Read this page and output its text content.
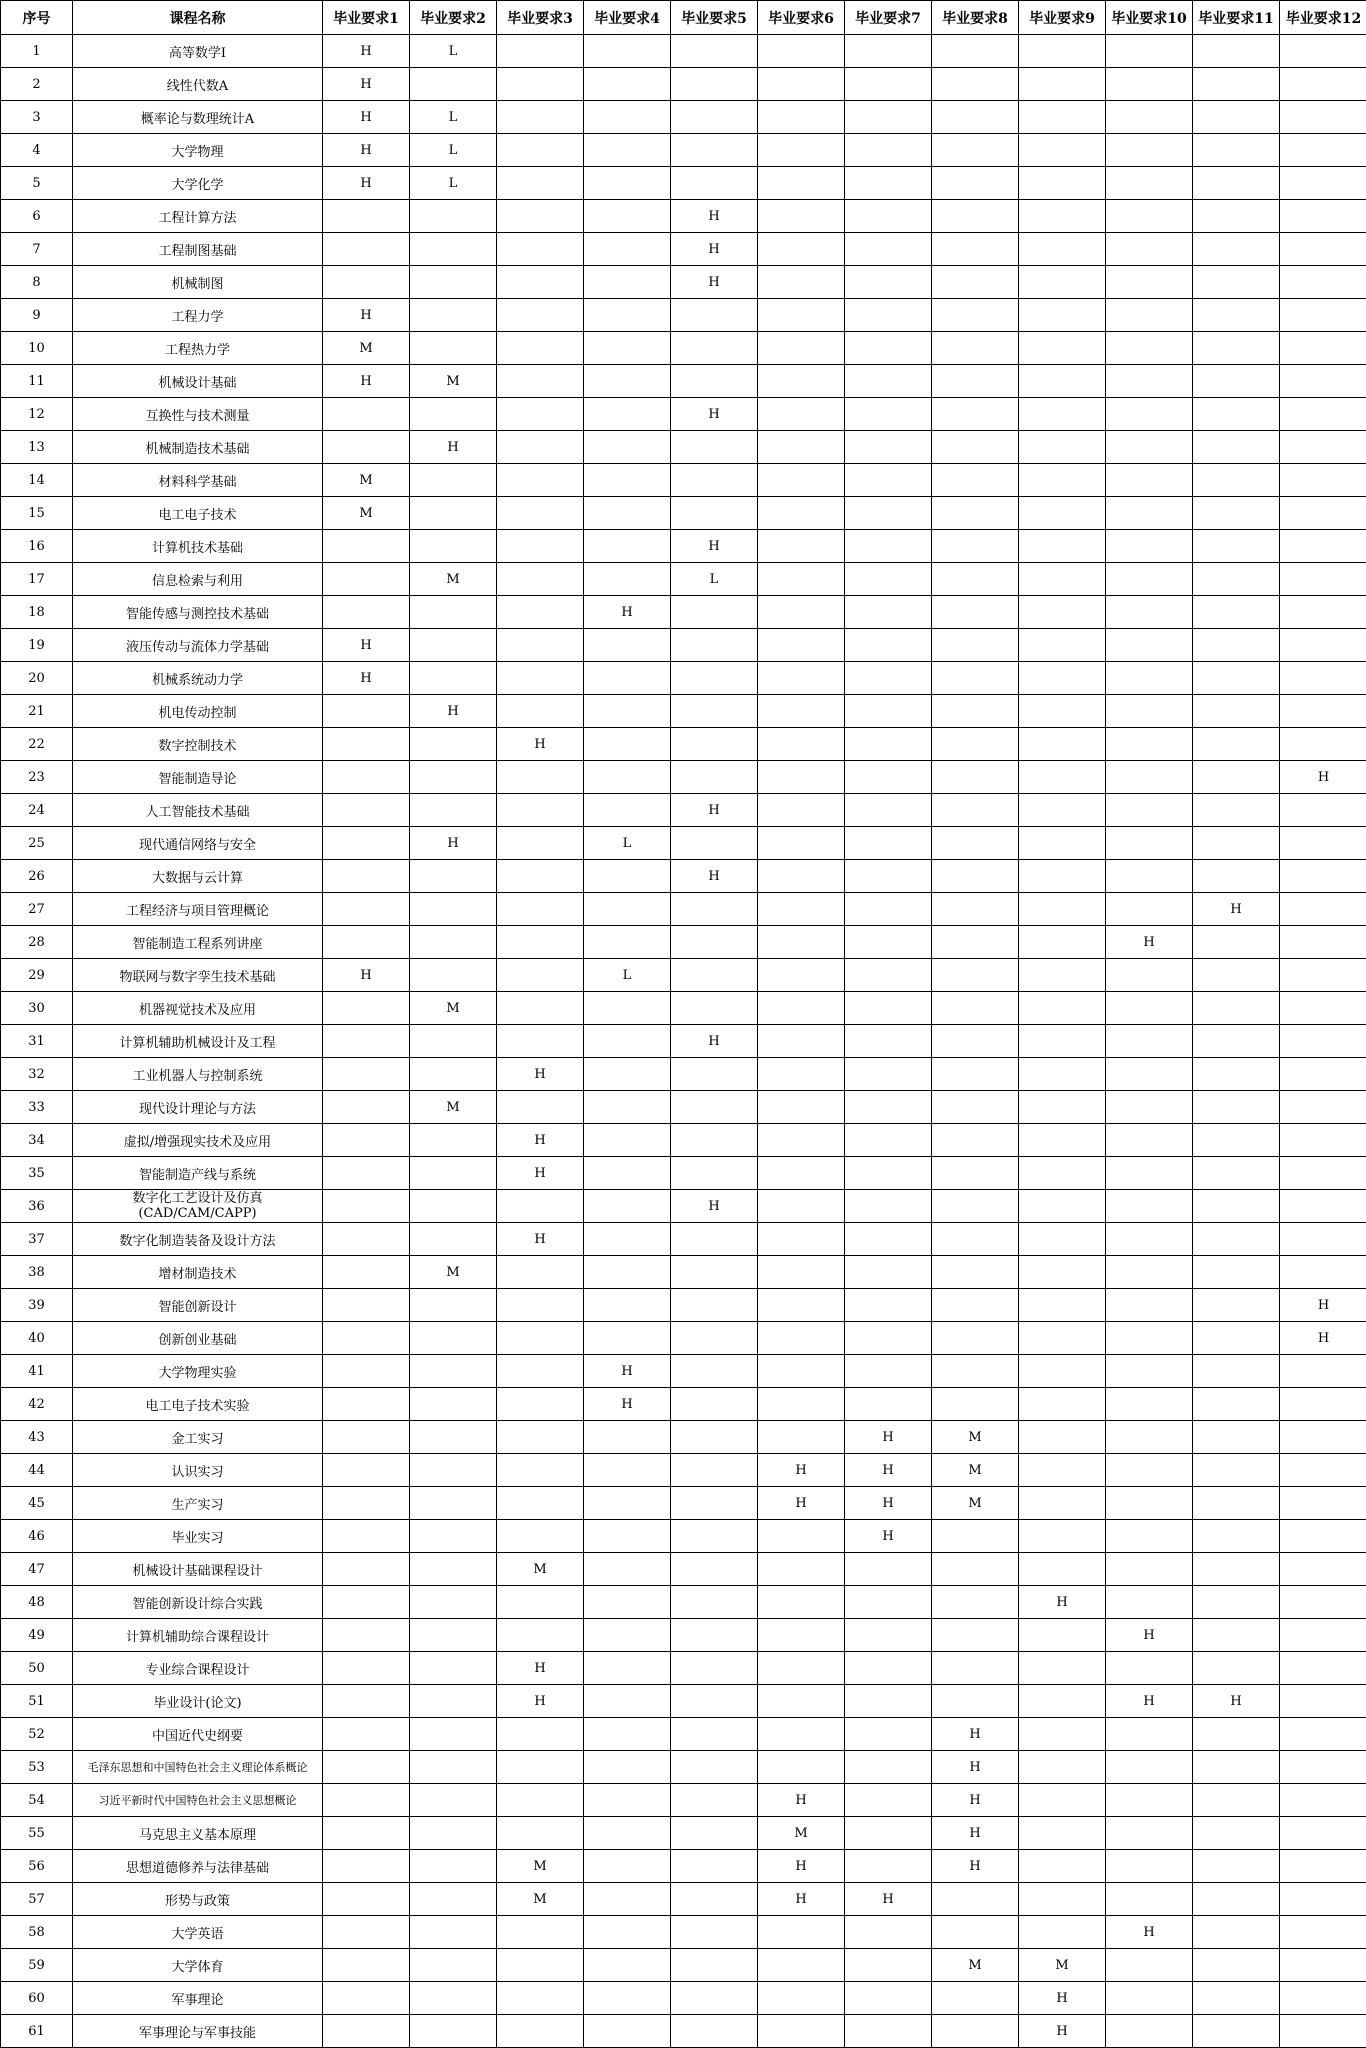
序号	课程名称	毕业要求1	毕业要求2	毕业要求3	毕业要求4	毕业要求5	毕业要求6	毕业要求7	毕业要求8	毕业要求9	毕业要求10	毕业要求11	毕业要求12
1	高等数学I	H	L										
2	线性代数A	H											
3	概率论与数理统计A	H	L										
4	大学物理	H	L										
5	大学化学	H	L										
6	工程计算方法					H							
7	工程制图基础					H							
8	机械制图					H							
9	工程力学	H											
10	工程热力学	M											
11	机械设计基础	H	M										
12	互换性与技术测量					H							
13	机械制造技术基础		H										
14	材料科学基础	M											
15	电工电子技术	M											
16	计算机技术基础					H							
17	信息检索与利用		M			L							
18	智能传感与测控技术基础				H								
19	液压传动与流体力学基础	H											
20	机械系统动力学	H											
21	机电传动控制		H										
22	数字控制技术			H									
23	智能制造导论												H
24	人工智能技术基础					H							
25	现代通信网络与安全		H		L								
26	大数据与云计算					H							
27	工程经济与项目管理概论											H	
28	智能制造工程系列讲座										H		
29	物联网与数字孪生技术基础	H			L								
30	机器视觉技术及应用		M										
31	计算机辅助机械设计及工程					H							
32	工业机器人与控制系统			H									
33	现代设计理论与方法		M										
34	虚拟/增强现实技术及应用			H									
35	智能制造产线与系统			H									
36	数字化工艺设计及仿真
(CAD/CAM/CAPP)					H							
37	数字化制造装备及设计方法			H									
38	增材制造技术		M										
39	智能创新设计												H
40	创新创业基础												H
41	大学物理实验				H								
42	电工电子技术实验				H								
43	金工实习							H	M				
44	认识实习						H	H	M				
45	生产实习						H	H	M				
46	毕业实习							H					
47	机械设计基础课程设计			M									
48	智能创新设计综合实践									H			
49	计算机辅助综合课程设计										H		
50	专业综合课程设计			H									
51	毕业设计(论文)			H							H	H	
52	中国近代史纲要								H				
53	毛泽东思想和中国特色社会主义理论体系概论								H				
54	习近平新时代中国特色社会主义思想概论						H		H				
55	马克思主义基本原理						M		H				
56	思想道德修养与法律基础			M			H		H				
57	形势与政策			M			H	H					
58	大学英语										H		
59	大学体育								M	M			
60	军事理论									H			
61	军事理论与军事技能									H			
